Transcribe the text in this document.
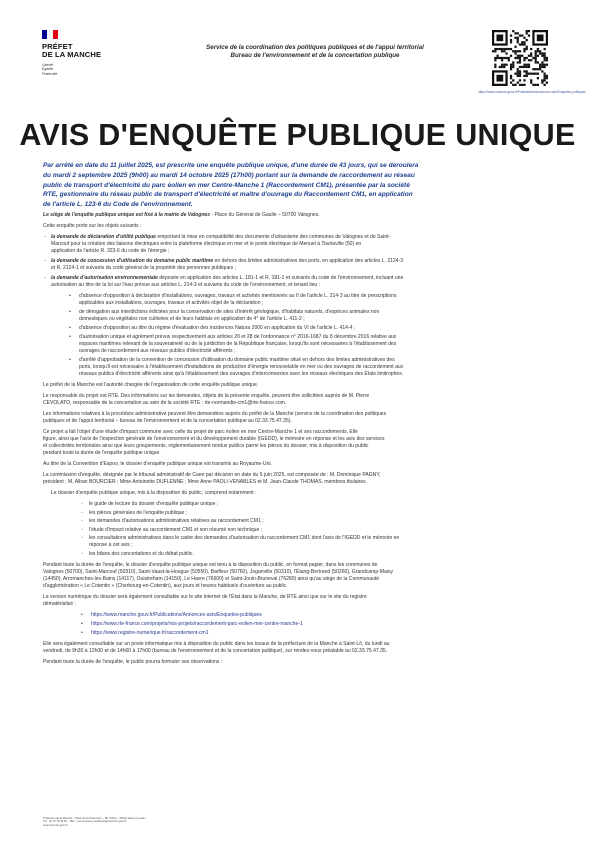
PRÉFET
DE LA MANCHE
Liberté
Égalité
Fraternité
Service de la coordination des politiques publiques et de l'appui territorial
Bureau de l'environnement et de la concertation publique
https://www.manche.gouv.fr/Publications/Annonces-avis/Enquetes-publiques
AVIS D'ENQUÊTE PUBLIQUE UNIQUE
Par arrêté en date du 11 juillet 2025, est prescrite une enquête publique unique, d'une durée de 43 jours, qui se déroulera
du mardi 2 septembre 2025 (9h00) au mardi 14 octobre 2025 (17h00) portant sur la demande de raccordement au réseau
public de transport d'électricité du parc éolien en mer Centre-Manche 1 (Raccordement CM1), présentée par la société
RTE, gestionnaire du réseau public de transport d'électricité et maître d'ouvrage du Raccordement CM1, en application
de l'article L. 123-6 du Code de l'environnement.

Le siège de l'enquête publique unique est fixé à la mairie de Valognes - Place du Général de Gaulle – 50700 Valognes.

Cette enquête porte sur les objets suivants :

- la demande de déclaration d'utilité publique emportant la mise en compatibilité des documents d'urbanisme des communes de Valognes et de Saint-
Marcouf pour la création des liaisons électriques entre la plateforme électrique en mer et le poste électrique de Menuel à Tourlaville (50) en
application de l'article R. 323-6 du code de l'énergie ;
- la demande de concession d'utilisation du domaine public maritime en dehors des limites administratives des ports, en application des articles L. 2124-3
et R. 2124-1 et suivants du code général de la propriété des personnes publiques ;
- la demande d'autorisation environnementale déposée en application des articles L. 181-1 et R. 181-1 et suivants du code de l'environnement, incluant une
autorisation au titre de la loi sur l'eau prévue aux articles L. 214-3 et suivants du code de l'environnement, et tenant lieu :
• d'absence d'opposition à déclaration d'installations, ouvrages, travaux et activités mentionnés au II de l'article L. 214-3 au titre de prescriptions
applicables aux installations, ouvrages, travaux et activités objet de la déclaration ;
• de dérogation aux interdictions édictées pour la conservation de sites d'intérêt géologique, d'habitats naturels, d'espèces animales non
domestiques ou végétales non cultivées et de leurs habitats en application de 4° de l'article L. 411-2 ;
• d'absence d'opposition au titre du régime d'évaluation des incidences Natura 2000 en application du VI de l'article L. 414-4 ;
• d'autorisation unique et agrément prévus respectivement aux articles 20 et 28 de l'ordonnance n° 2016-1687 du 8 décembre 2016 relative aux
espaces maritimes relevant de la souveraineté ou de la juridiction de la République française, lorsqu'ils sont nécessaires à l'établissement des
ouvrages de raccordement aux réseaux publics d'électricité afférents ;
• d'arrêté d'approbation de la convention de concession d'utilisation du domaine public maritime situé en dehors des limites administratives des
ports, lorsqu'il est nécessaire à l'établissement d'installations de production d'énergie renouvelable en mer ou des ouvrages de raccordement aux
réseaux publics d'électricité afférents ainsi qu'à l'établissement des ouvrages d'interconnexion avec les réseaux électriques des États limitrophes.

Le préfet de la Manche est l'autorité chargée de l'organisation de cette enquête publique unique.

Le responsable du projet est RTE. Des informations sur les demandes, objets de la présente enquête, peuvent être sollicitées auprès de M. Pierre
CEVOLATO, responsable de la concertation au sein de la société RTE : rte-normandie-cm1@rte-france.com.

Les informations relatives à la procédure administrative peuvent être demandées auprès du préfet de la Manche (service de la coordination des politiques
publiques et de l'appui territorial – bureau de l'environnement et de la concertation publique au 02.33.75.47.35).

Ce projet a fait l'objet d'une étude d'impact commune avec celle du projet de parc éolien en mer Centre-Manche 1 et ses raccordements. Elle
figure, ainsi que l'avis de l'inspection générale de l'environnement et du développement durable (IGEDD), le mémoire en réponse et les avis des services
et collectivités territoriales ainsi que leurs groupements, réglementairement rendus publics parmi les pièces du dossier, mis à disposition du public
pendant toute la durée de l'enquête publique unique.

Au titre de la Convention d'Espoo, le dossier d'enquête publique unique est transmis au Royaume-Uni.

La commission d'enquête, désignée par le tribunal administratif de Caen par décision en date du 5 juin 2025, est composée de : M. Dominique PAGNY,
président ; M. Alban BOURCIER ; Mme Antoinette DUFLENNE ; Mme Anne PAOLI-VENABLES et M. Jean-Claude THOMAS, membres titulaires.

Le dossier d'enquête publique unique, mis à la disposition du public, comprend notamment :

◦ le guide de lecture du dossier d'enquête publique unique ;
◦ les pièces générales de l'enquête publique ;
◦ les demandes d'autorisations administratives relatives au raccordement CM1 ;
◦ l'étude d'impact relative au raccordement CM1 et son résumé non technique ;
◦ les consultations administratives dans le cadre des demandes d'autorisation du raccordement CM1 dont l'avis de l'IGEDD et le mémoire en
réponse à cet avis ;
◦ les bilans des concertations et du débat public.

Pendant toute la durée de l'enquête, le dossier d'enquête publique unique est tenu à la disposition du public, en format papier, dans les communes de
Valognes (50700), Saint-Marcouf (50310), Saint-Vaast-la-Hougue (50550), Barfleur (50760), Joganville (50310), l'Étang-Bertrand (50260), Grandcamp-Maisy
(14450), Arromanches-les-Bains (14117), Ouistreham (14150), Le Havre (76600) et Saint-Jouin-Bruneval (76280) ainsi qu'au siège de la Communauté
d'agglomération « Le Cotentin » (Cherbourg-en-Cotentin), aux jours et heures habituels d'ouverture au public.

La version numérique du dossier sera également consultable sur le site internet de l'État dans la Manche, de RTE ainsi que sur le site du registre
dématérialisé :

• https://www.manche.gouv.fr/Publications/Annonces-avis/Enquetes-publiques
• https://www.rte-france.com/projets/nos-projets/raccordement-parc-eolien-mer-centre-manche-1
• https://www.registre-numerique.fr/raccordement-cm1

Elle sera également consultable sur un poste informatique mis à disposition du public dans les locaux de la préfecture de la Manche à Saint-Lô, du lundi au
vendredi, de 9h30 à 12h00 et de 14h00 à 17h00 (bureau de l'environnement et de la concertation publique), sur rendez-vous préalable au 02.33.75.47.35.

Pendant toute la durée de l'enquête, le public pourra formuler ses observations :

Préfecture de la Manche – Place de la Préfecture – BP 70522 – 50002 Saint-Lô cedex
Tél : 02.33.75.49.50 – Mél : pref-enquetes-publiques@manche.gouv.fr
www.manche.gouv.fr
